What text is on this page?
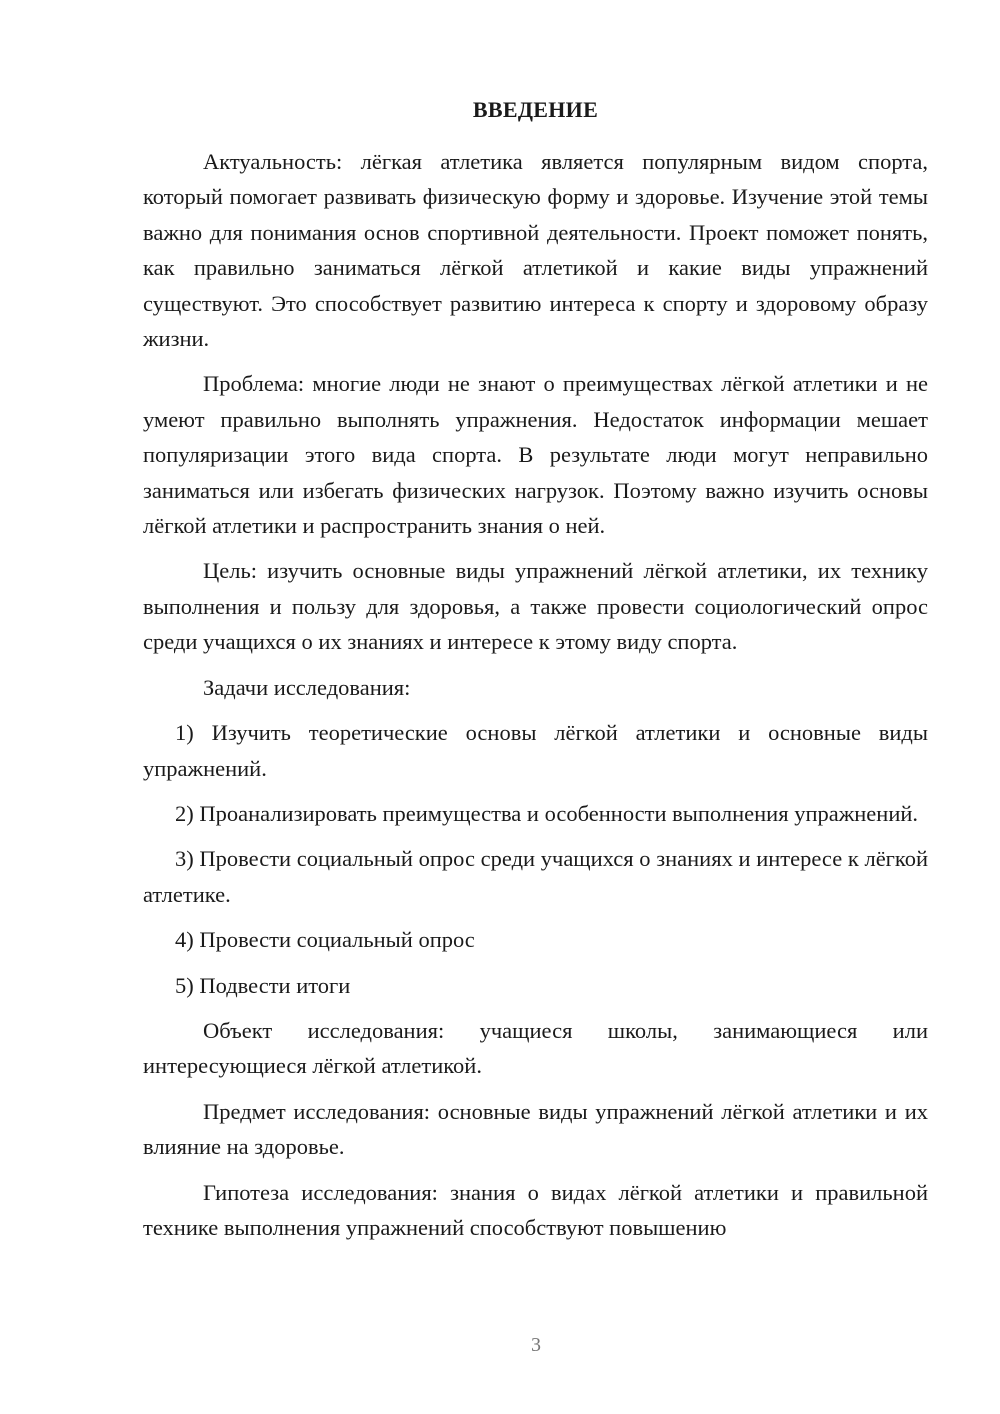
ВВЕДЕНИЕ

Актуальность: лёгкая атлетика является популярным видом спорта, который помогает развивать физическую форму и здоровье. Изучение этой темы важно для понимания основ спортивной деятельности. Проект поможет понять, как правильно заниматься лёгкой атлетикой и какие виды упражнений существуют. Это способствует развитию интереса к спорту и здоровому образу жизни.

Проблема: многие люди не знают о преимуществах лёгкой атлетики и не умеют правильно выполнять упражнения. Недостаток информации мешает популяризации этого вида спорта. В результате люди могут неправильно заниматься или избегать физических нагрузок. Поэтому важно изучить основы лёгкой атлетики и распространить знания о ней.

Цель: изучить основные виды упражнений лёгкой атлетики, их технику выполнения и пользу для здоровья, а также провести социологический опрос среди учащихся о их знаниях и интересе к этому виду спорта.

Задачи исследования:

1) Изучить теоретические основы лёгкой атлетики и основные виды упражнений.

2) Проанализировать преимущества и особенности выполнения упражнений.

3) Провести социальный опрос среди учащихся о знаниях и интересе к лёгкой атлетике.

4) Провести социальный опрос

5) Подвести итоги

Объект исследования: учащиеся школы, занимающиеся или интересующиеся лёгкой атлетикой.

Предмет исследования: основные виды упражнений лёгкой атлетики и их влияние на здоровье.

Гипотеза исследования: знания о видах лёгкой атлетики и правильной технике выполнения упражнений способствуют повышению

3
